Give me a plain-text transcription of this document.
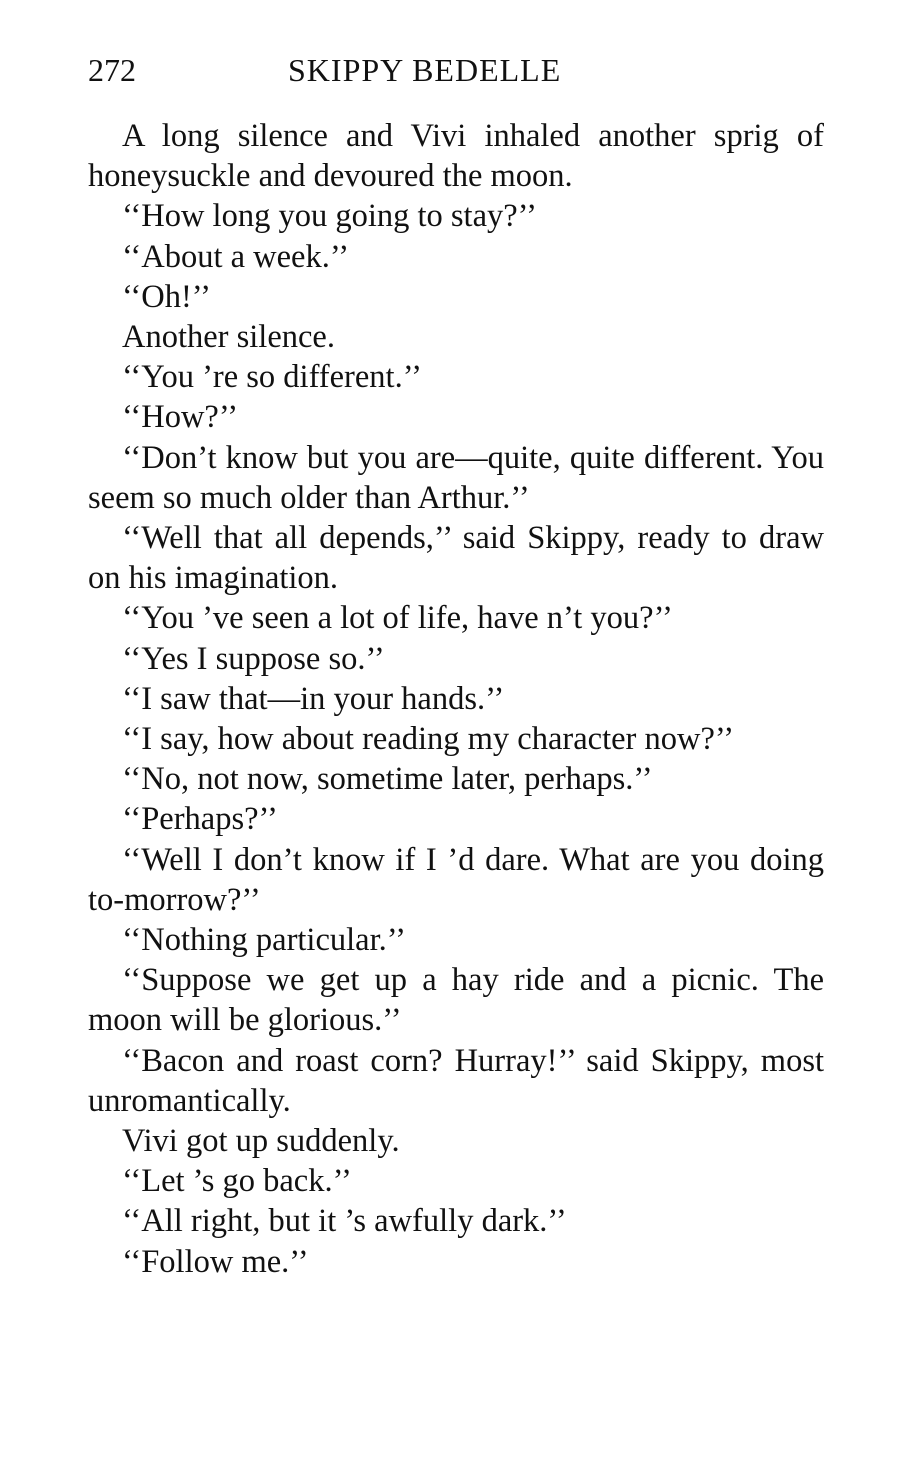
272	SKIPPY BEDELLE

A long silence and Vivi inhaled another sprig of honeysuckle and devoured the moon.

‘‘How long you going to stay?’’

‘‘About a week.’’

‘‘Oh!’’

Another silence.

‘‘You ’re so different.’’

‘‘How?’’

‘‘Don’t know but you are—quite, quite different. You seem so much older than Arthur.’’

‘‘Well that all depends,’’ said Skippy, ready to draw on his imagination.

‘‘You ’ve seen a lot of life, have n’t you?’’

‘‘Yes I suppose so.’’

‘‘I saw that—in your hands.’’

‘‘I say, how about reading my character now?’’

‘‘No, not now, sometime later, perhaps.’’

‘‘Perhaps?’’

‘‘Well I don’t know if I ’d dare. What are you doing to-morrow?’’

‘‘Nothing particular.’’

‘‘Suppose we get up a hay ride and a picnic. The moon will be glorious.’’

‘‘Bacon and roast corn? Hurray!’’ said Skippy, most unromantically.

Vivi got up suddenly.

‘‘Let ’s go back.’’

‘‘All right, but it ’s awfully dark.’’

‘‘Follow me.’’
